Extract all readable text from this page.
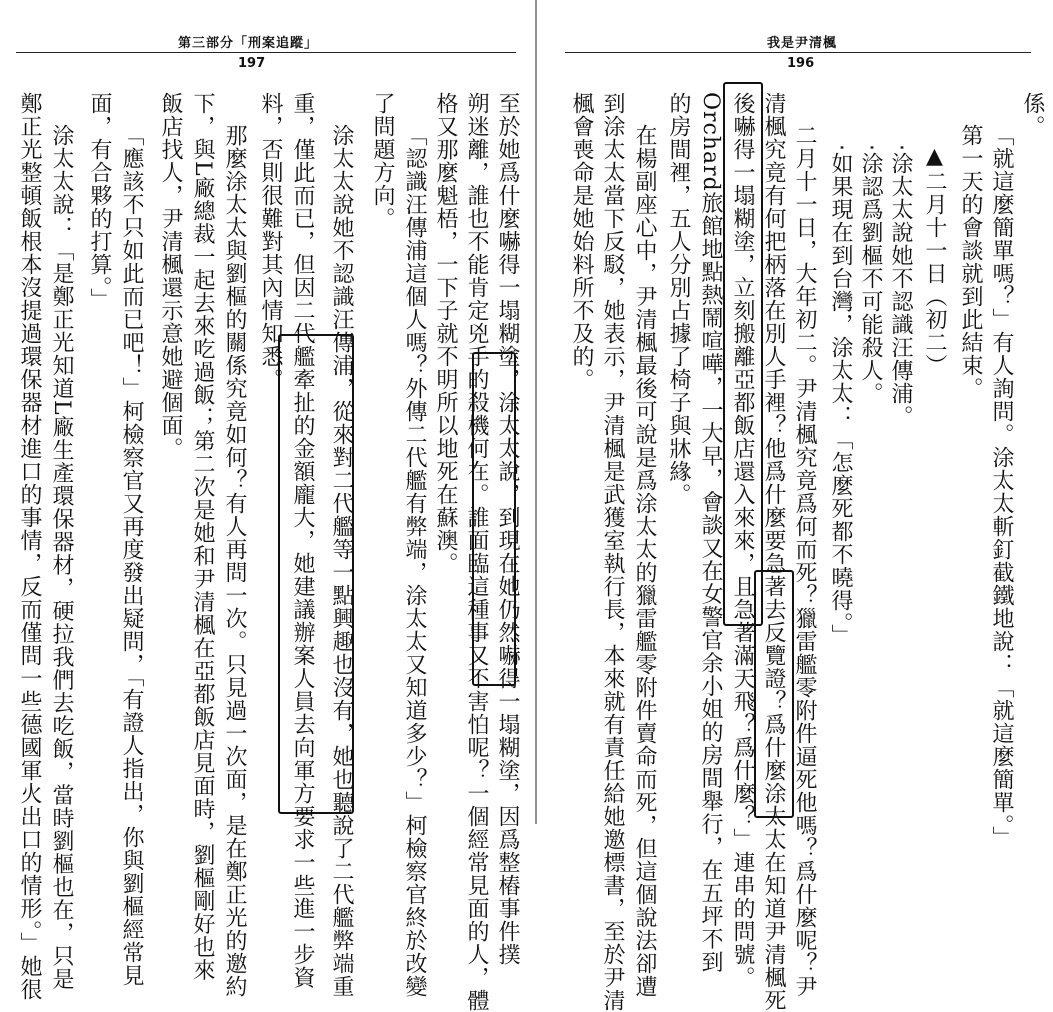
第三部分「刑案追蹤」
197
至於她爲什麼嚇得一塌糊塗，涂太太說，到現在她仍然嚇得一塌糊塗，因爲整樁事件撲
朔迷離，誰也不能肯定兇手的殺機何在。誰面臨這種事又不害怕呢？一個經常見面的人，體
格又那麼魁梧，一下子就不明所以地死在蘇澳。
「認識汪傳浦這個人嗎？外傳二代艦有弊端，涂太太又知道多少？」柯檢察官終於改變
了問題方向。
涂太太說她不認識汪傳浦，從來對二代艦等一點興趣也沒有，她也聽說了二代艦弊端重
重，僅此而已，但因二代艦牽扯的金額龐大，她建議辦案人員去向軍方要求一些進一步資
料，否則很難對其內情知悉。
那麼涂太太與劉樞的關係究竟如何？有人再問一次。只見過一次面，是在鄭正光的邀約
下，與L廠總裁一起去來吃過飯；第二次是她和尹清楓在亞都飯店見面時，劉樞剛好也來
飯店找人，尹清楓還示意她避個面。
「應該不只如此而已吧！」柯檢察官又再度發出疑問，「有證人指出，你與劉樞經常見
面，有合夥的打算。」
涂太太說：「是鄭正光知道L廠生產環保器材，硬拉我們去吃飯，當時劉樞也在，只是
鄭正光整頓飯根本沒提過環保器材進口的事情，反而僅問一些德國軍火出口的情形。」她很
我是尹清楓
196
係。
「就這麼簡單嗎？」有人詢問。涂太太斬釘截鐵地說：「就這麼簡單。」
第一天的會談就到此結束。
▲二月十一日（初二）
‧涂太太說她不認識汪傳浦。
‧涂認爲劉樞不可能殺人。
‧如果現在到台灣，涂太太：「怎麼死都不曉得。」
二月十一日，大年初二。尹清楓究竟爲何而死？獵雷艦零附件逼死他嗎？爲什麼呢？尹
清楓究竟有何把柄落在別人手裡？他爲什麼要急著去反覽證？爲什麼涂太太在知道尹清楓死
後嚇得一塌糊塗，立刻搬離亞都飯店還入來來，且急著滿天飛？爲什麼？」連串的問號。
Orchard旅館地點熱鬧喧嘩，一大早，會談又在女警官余小姐的房間舉行，在五坪不到
的房間裡，五人分別占據了椅子與牀緣。
在楊副座心中，尹清楓最後可說是爲涂太太的獵雷艦零附件賣命而死，但這個說法卻遭
到涂太太當下反駁，她表示，尹清楓是武獲室執行長，本來就有責任給她邀標書，至於尹清
楓會喪命是她始料所不及的。
